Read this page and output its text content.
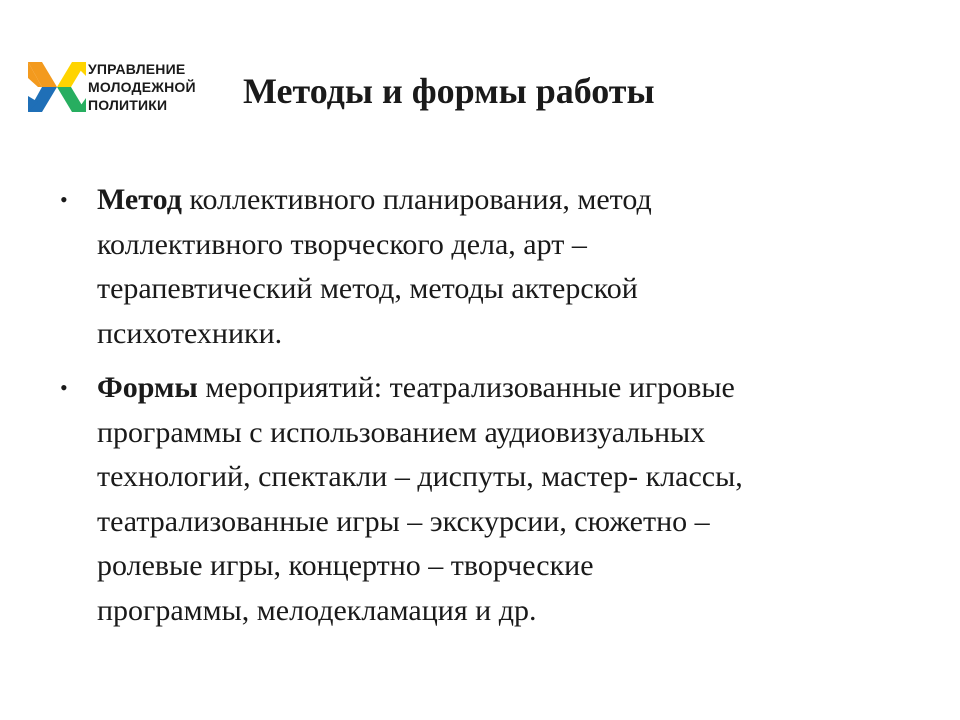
УПРАВЛЕНИЕ
МОЛОДЕЖНОЙ
ПОЛИТИКИ	Методы и формы работы
• Метод коллективного планирования, метод
коллективного творческого дела, арт –
терапевтический метод, методы актерской
психотехники.
• Формы мероприятий: театрализованные игровые
программы с использованием аудиовизуальных
технологий, спектакли – диспуты, мастер- классы,
театрализованные игры – экскурсии, сюжетно –
ролевые игры, концертно – творческие
программы, мелодекламация и др.
